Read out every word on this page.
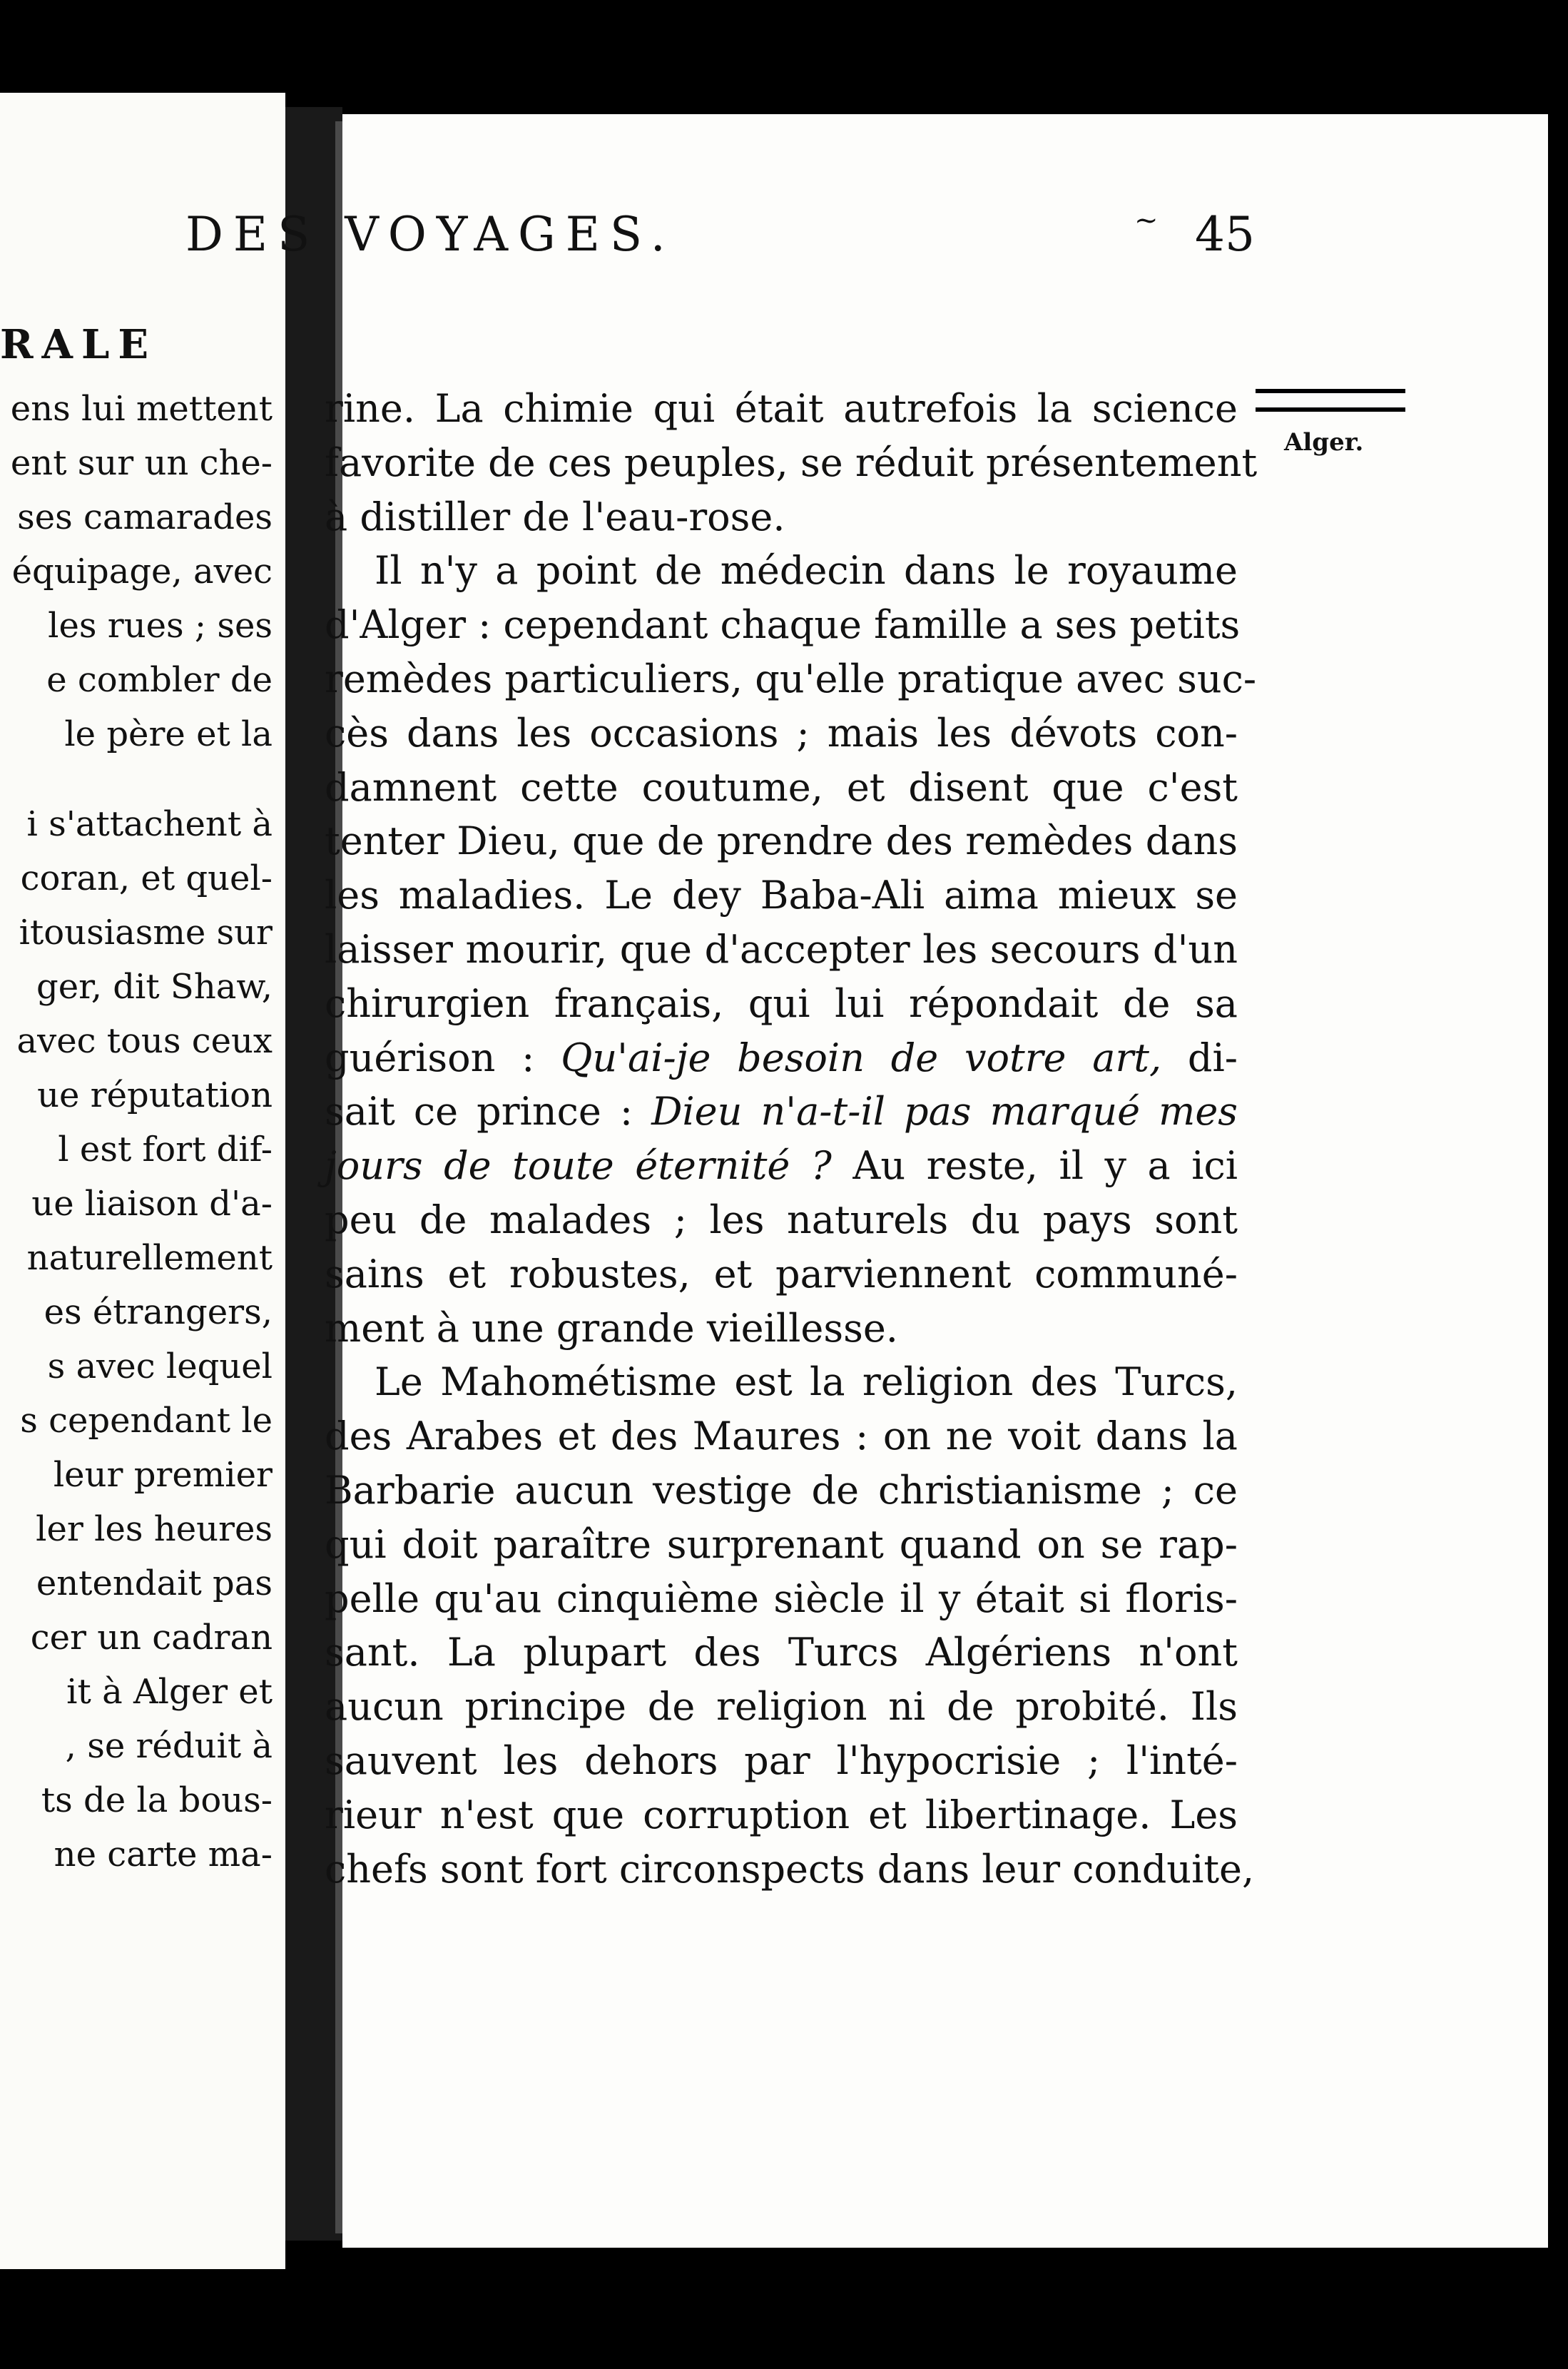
RALE
ens lui mettent
ent sur un che-
ses camarades
équipage, avec
les rues ; ses
e combler de
le père et la
i s'attachent à
coran, et quel-
itousiasme sur
ger, dit Shaw,
avec tous ceux
ue réputation
l est fort dif-
ue liaison d'a-
naturellement
es étrangers,
s avec lequel
s cependant le
leur premier
ler les heures
entendait pas
cer un cadran
it à Alger et
, se réduit à
ts de la bous-
ne carte ma-
DES VOYAGES.	~ 45
Alger.
rine. La chimie qui était autrefois la science
favorite de ces peuples, se réduit présentement
à distiller de l'eau-rose.
Il n'y a point de médecin dans le royaume
d'Alger : cependant chaque famille a ses petits
remèdes particuliers, qu'elle pratique avec suc-
cès dans les occasions ; mais les dévots con-
damnent cette coutume, et disent que c'est
tenter Dieu, que de prendre des remèdes dans
les maladies. Le dey Baba-Ali aima mieux se
laisser mourir, que d'accepter les secours d'un
chirurgien français, qui lui répondait de sa
guérison : Qu'ai-je besoin de votre art, di-
sait ce prince : Dieu n'a-t-il pas marqué mes
jours de toute éternité ? Au reste, il y a ici
peu de malades ; les naturels du pays sont
sains et robustes, et parviennent communé-
ment à une grande vieillesse.
Le Mahométisme est la religion des Turcs,
des Arabes et des Maures : on ne voit dans la
Barbarie aucun vestige de christianisme ; ce
qui doit paraître surprenant quand on se rap-
pelle qu'au cinquième siècle il y était si floris-
sant. La plupart des Turcs Algériens n'ont
aucun principe de religion ni de probité. Ils
sauvent les dehors par l'hypocrisie ; l'inté-
rieur n'est que corruption et libertinage. Les
chefs sont fort circonspects dans leur conduite,
